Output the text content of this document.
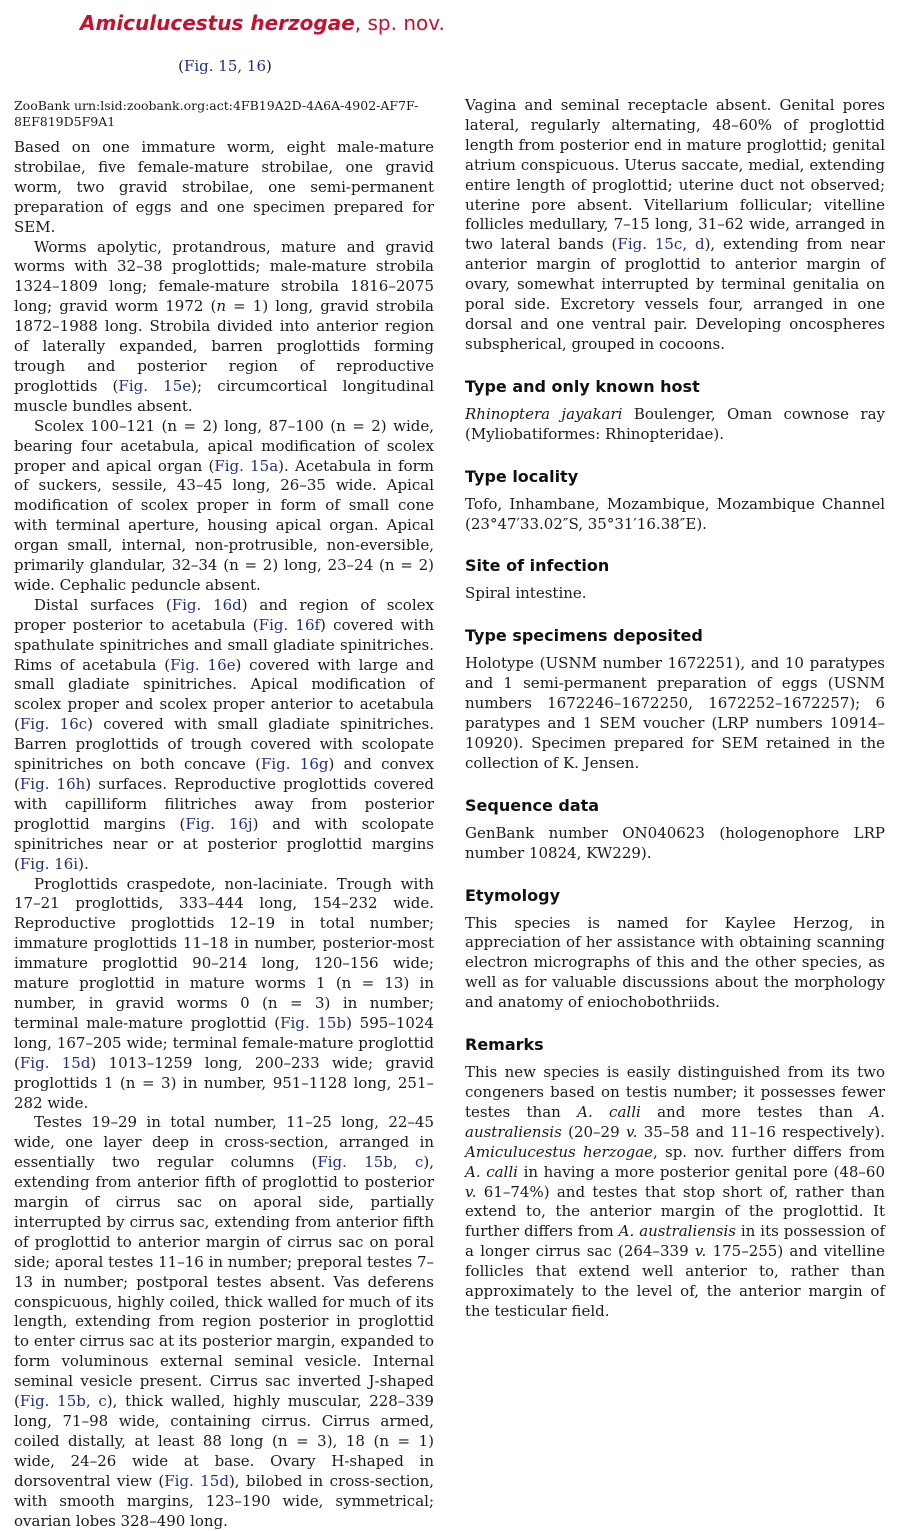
Amiculucestus herzogae, sp. nov.
(Fig. 15, 16)
ZooBank urn:lsid:zoobank.org:act:4FB19A2D-4A6A-4902-AF7F-8EF819D5F9A1

Based on one immature worm, eight male-mature strobilae, five female-mature strobilae, one gravid worm, two gravid strobilae, one semi-permanent preparation of eggs and one specimen prepared for SEM.

Worms apolytic, protandrous, mature and gravid worms with 32–38 proglottids; male-mature strobila 1324–1809 long; female-mature strobila 1816–2075 long; gravid worm 1972 (n = 1) long, gravid strobila 1872–1988 long. Strobila divided into anterior region of laterally expanded, barren proglottids forming trough and posterior region of reproductive proglottids (Fig. 15e); circumcortical longitudinal muscle bundles absent.

Scolex 100–121 (n = 2) long, 87–100 (n = 2) wide, bearing four acetabula, apical modification of scolex proper and apical organ (Fig. 15a). Acetabula in form of suckers, sessile, 43–45 long, 26–35 wide. Apical modification of scolex proper in form of small cone with terminal aperture, housing apical organ. Apical organ small, internal, non-protrusible, non-eversible, primarily glandular, 32–34 (n = 2) long, 23–24 (n = 2) wide. Cephalic peduncle absent.

Distal surfaces (Fig. 16d) and region of scolex proper posterior to acetabula (Fig. 16f) covered with spathulate spinitriches and small gladiate spinitriches. Rims of acetabula (Fig. 16e) covered with large and small gladiate spinitriches. Apical modification of scolex proper and scolex proper anterior to acetabula (Fig. 16c) covered with small gladiate spinitriches. Barren proglottids of trough covered with scolopate spinitriches on both concave (Fig. 16g) and convex (Fig. 16h) surfaces. Reproductive proglottids covered with capilliform filitriches away from posterior proglottid margins (Fig. 16j) and with scolopate spinitriches near or at posterior proglottid margins (Fig. 16i).

Proglottids craspedote, non-laciniate. Trough with 17–21 proglottids, 333–444 long, 154–232 wide. Reproductive proglottids 12–19 in total number; immature proglottids 11–18 in number, posterior-most immature proglottid 90–214 long, 120–156 wide; mature proglottid in mature worms 1 (n = 13) in number, in gravid worms 0 (n = 3) in number; terminal male-mature proglottid (Fig. 15b) 595–1024 long, 167–205 wide; terminal female-mature proglottid (Fig. 15d) 1013–1259 long, 200–233 wide; gravid proglottids 1 (n = 3) in number, 951–1128 long, 251–282 wide.

Testes 19–29 in total number, 11–25 long, 22–45 wide, one layer deep in cross-section, arranged in essentially two regular columns (Fig. 15b, c), extending from anterior fifth of proglottid to posterior margin of cirrus sac on aporal side, partially interrupted by cirrus sac, extending from anterior fifth of proglottid to anterior margin of cirrus sac on poral side; aporal testes 11–16 in number; preporal testes 7–13 in number; postporal testes absent. Vas deferens conspicuous, highly coiled, thick walled for much of its length, extending from region posterior in proglottid to enter cirrus sac at its posterior margin, expanded to form voluminous external seminal vesicle. Internal seminal vesicle present. Cirrus sac inverted J-shaped (Fig. 15b, c), thick walled, highly muscular, 228–339 long, 71–98 wide, containing cirrus. Cirrus armed, coiled distally, at least 88 long (n = 3), 18 (n = 1) wide, 24–26 wide at base. Ovary H-shaped in dorsoventral view (Fig. 15d), bilobed in cross-section, with smooth margins, 123–190 wide, symmetrical; ovarian lobes 328–490 long.

Vagina and seminal receptacle absent. Genital pores lateral, regularly alternating, 48–60% of proglottid length from posterior end in mature proglottid; genital atrium conspicuous. Uterus saccate, medial, extending entire length of proglottid; uterine duct not observed; uterine pore absent. Vitellarium follicular; vitelline follicles medullary, 7–15 long, 31–62 wide, arranged in two lateral bands (Fig. 15c, d), extending from near anterior margin of proglottid to anterior margin of ovary, somewhat interrupted by terminal genitalia on poral side. Excretory vessels four, arranged in one dorsal and one ventral pair. Developing oncospheres subspherical, grouped in cocoons.

Type and only known host

Rhinoptera jayakari Boulenger, Oman cownose ray (Myliobatiformes: Rhinopteridae).

Type locality

Tofo, Inhambane, Mozambique, Mozambique Channel (23°47′33.02″S, 35°31′16.38″E).

Site of infection

Spiral intestine.

Type specimens deposited

Holotype (USNM number 1672251), and 10 paratypes and 1 semi-permanent preparation of eggs (USNM numbers 1672246–1672250, 1672252–1672257); 6 paratypes and 1 SEM voucher (LRP numbers 10914–10920). Specimen prepared for SEM retained in the collection of K. Jensen.

Sequence data

GenBank number ON040623 (hologenophore LRP number 10824, KW229).

Etymology

This species is named for Kaylee Herzog, in appreciation of her assistance with obtaining scanning electron micrographs of this and the other species, as well as for valuable discussions about the morphology and anatomy of eniochobothriids.

Remarks

This new species is easily distinguished from its two congeners based on testis number; it possesses fewer testes than A. calli and more testes than A. australiensis (20–29 v. 35–58 and 11–16 respectively). Amiculucestus herzogae, sp. nov. further differs from A. calli in having a more posterior genital pore (48–60 v. 61–74%) and testes that stop short of, rather than extend to, the anterior margin of the proglottid. It further differs from A. australiensis in its possession of a longer cirrus sac (264–339 v. 175–255) and vitelline follicles that extend well anterior to, rather than approximately to the level of, the anterior margin of the testicular field.
